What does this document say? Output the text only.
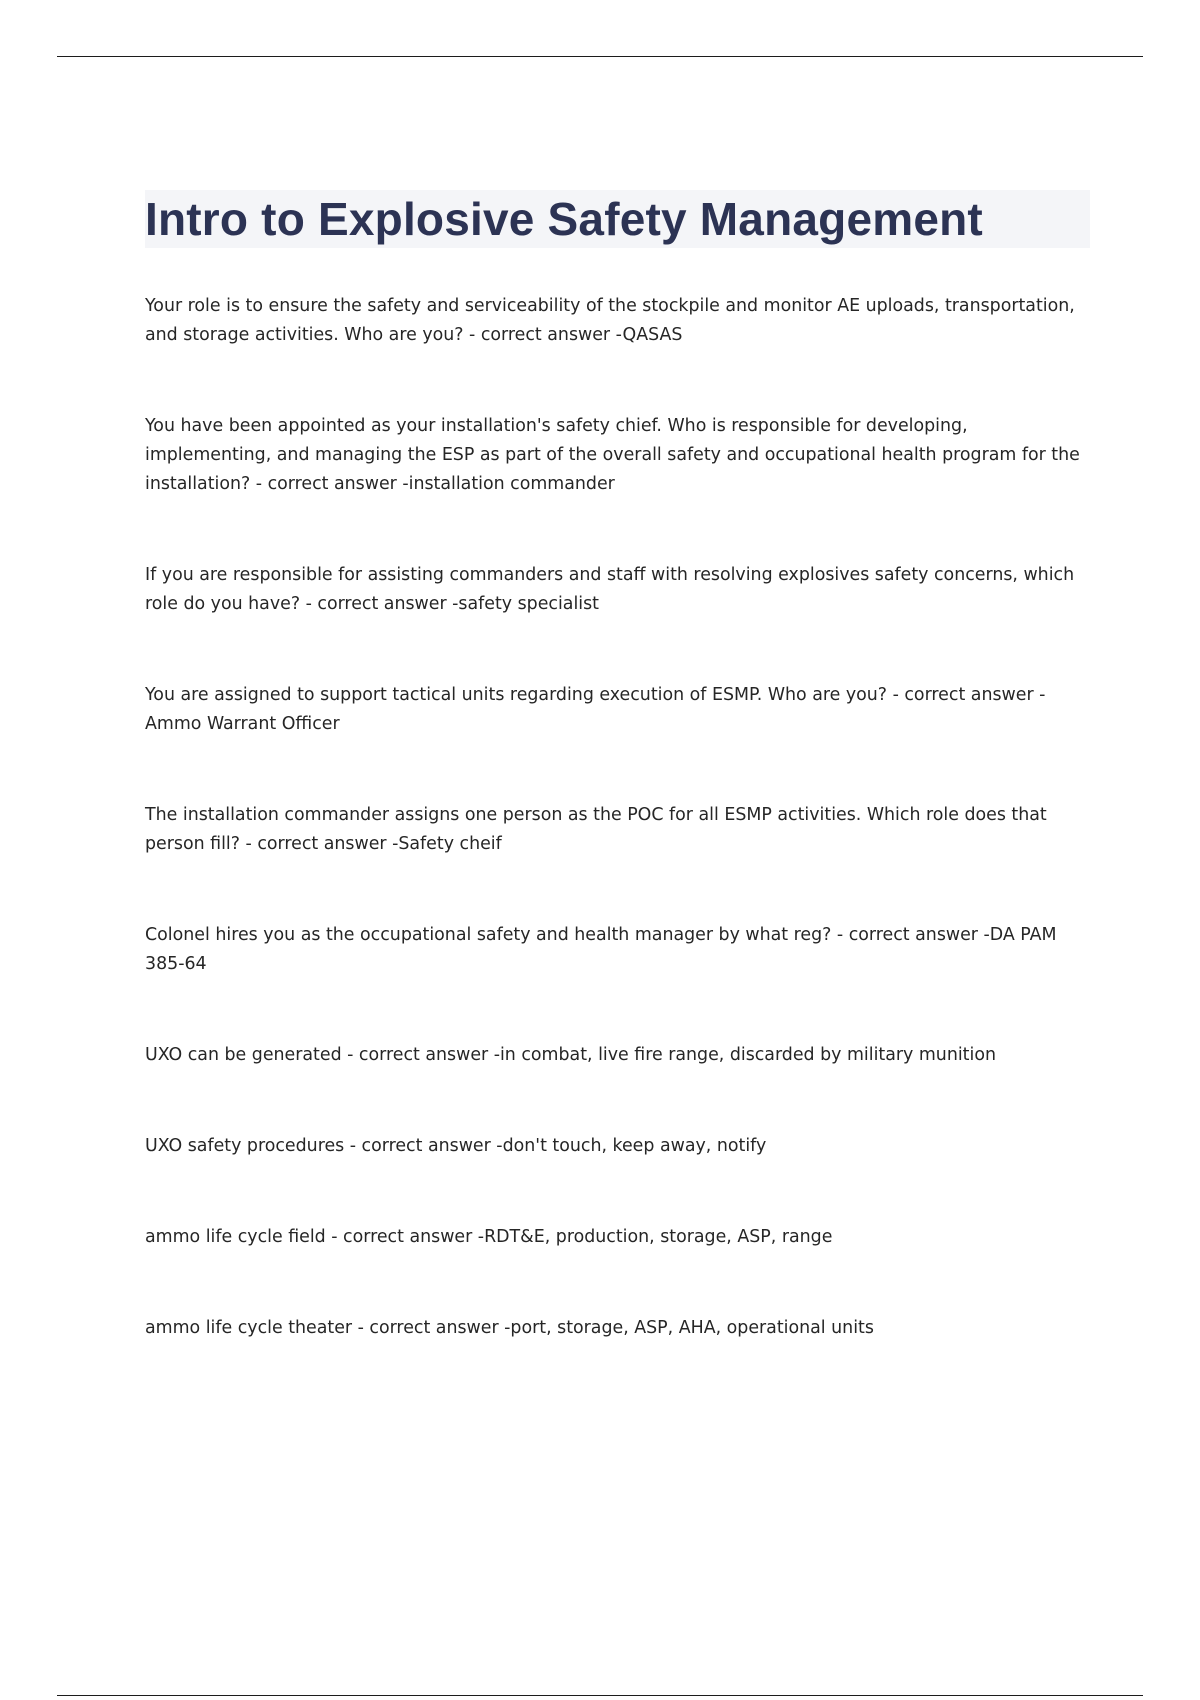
Intro to Explosive Safety Management
Your role is to ensure the safety and serviceability of the stockpile and monitor AE uploads, transportation, and storage activities. Who are you? - correct answer -QASAS
You have been appointed as your installation's safety chief. Who is responsible for developing, implementing, and managing the ESP as part of the overall safety and occupational health program for the installation? - correct answer -installation commander
If you are responsible for assisting commanders and staff with resolving explosives safety concerns, which role do you have? - correct answer -safety specialist
You are assigned to support tactical units regarding execution of ESMP. Who are you? - correct answer -Ammo Warrant Officer
The installation commander assigns one person as the POC for all ESMP activities. Which role does that person fill? - correct answer -Safety cheif
Colonel hires you as the occupational safety and health manager by what reg? - correct answer -DA PAM 385-64
UXO can be generated - correct answer -in combat, live fire range, discarded by military munition
UXO safety procedures - correct answer -don't touch, keep away, notify
ammo life cycle field - correct answer -RDT&E, production, storage, ASP, range
ammo life cycle theater - correct answer -port, storage, ASP, AHA, operational units
